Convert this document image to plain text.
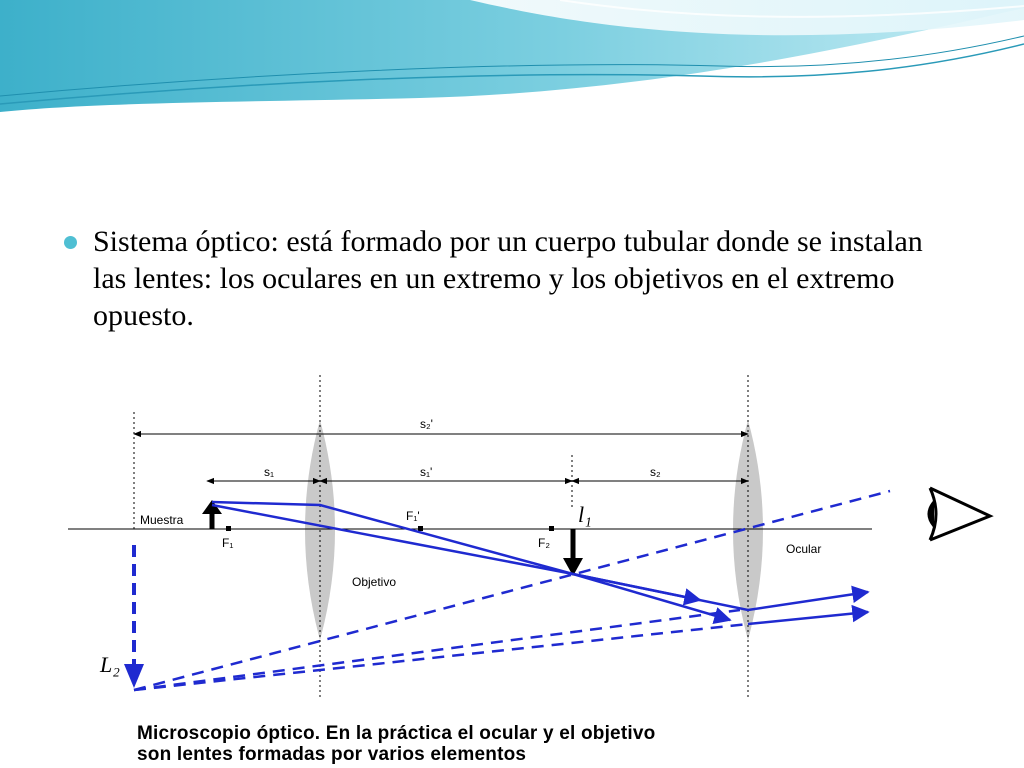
Sistema óptico: está formado por un cuerpo tubular donde se instalan las lentes: los oculares en un extremo y los objetivos en el extremo opuesto.
s₂'
s₁	s₁'	s₂
Muestra
F₁
F₁'
F₂
l₁
Objetivo
Ocular
L₂
Microscopio óptico. En la práctica el ocular y el objetivo
son lentes formadas por varios elementos
